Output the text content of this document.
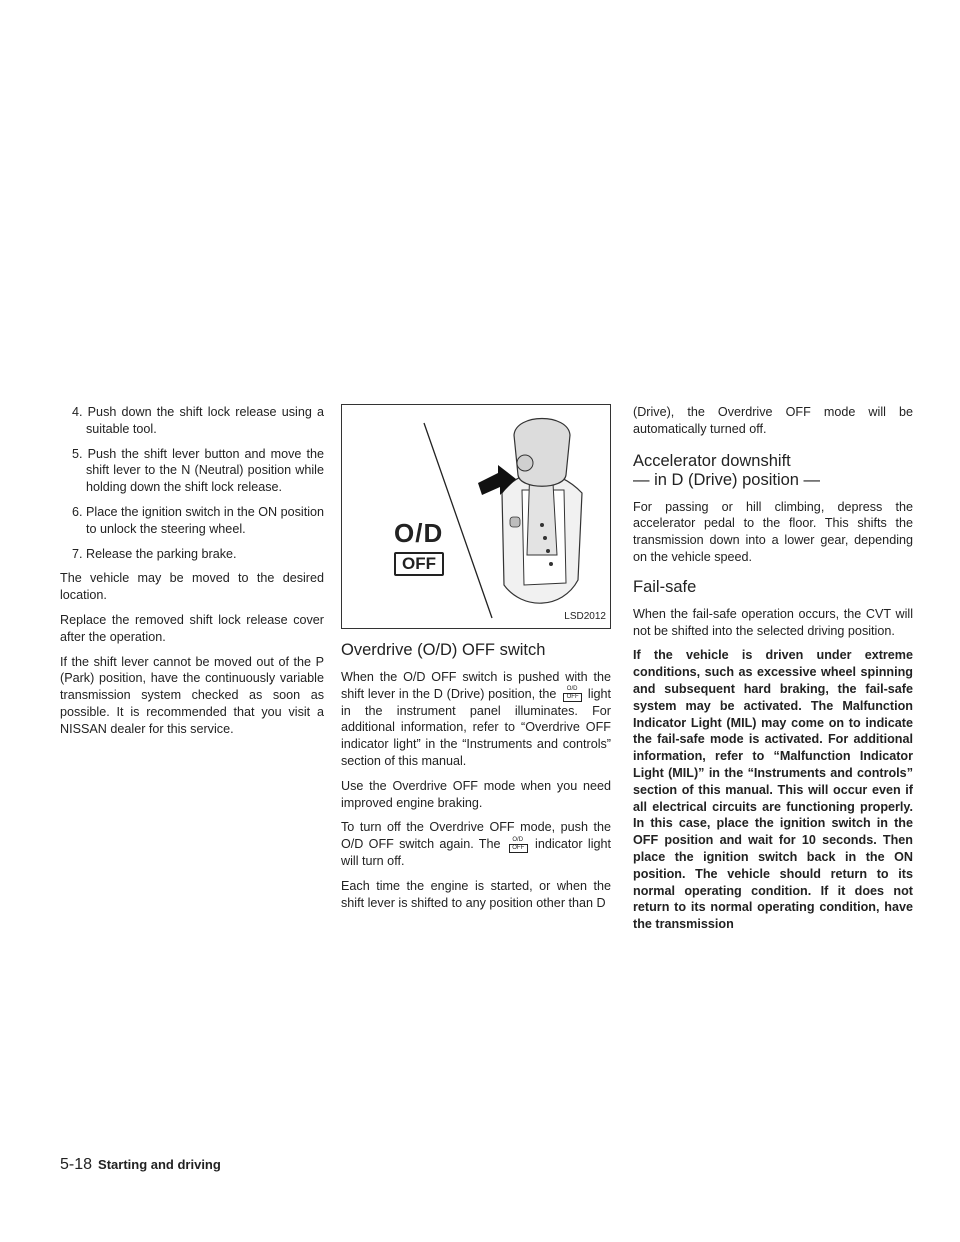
4. Push down the shift lock release using a suitable tool.
5. Push the shift lever button and move the shift lever to the N (Neutral) position while holding down the shift lock release.
6. Place the ignition switch in the ON position to unlock the steering wheel.
7. Release the parking brake.

The vehicle may be moved to the desired location.

Replace the removed shift lock release cover after the operation.

If the shift lever cannot be moved out of the P (Park) position, have the continuously variable transmission system checked as soon as possible. It is recommended that you visit a NISSAN dealer for this service.

O/D
OFF
LSD2012
Overdrive (O/D) OFF switch

When the O/D OFF switch is pushed with the shift lever in the D (Drive) position, the	O/D
OFF light in the instrument panel illuminates. For additional information, refer to “Overdrive OFF indicator light” in the “Instruments and controls” section of this manual.

Use the Overdrive OFF mode when you need improved engine braking.

To turn off the Overdrive OFF mode, push the O/D OFF switch again. The	O/D
OFF indicator light will turn off.

Each time the engine is started, or when the shift lever is shifted to any position other than D

(Drive), the Overdrive OFF mode will be automatically turned off.

Accelerator downshift
— in D (Drive) position —

For passing or hill climbing, depress the accelerator pedal to the floor. This shifts the transmission down into a lower gear, depending on the vehicle speed.

Fail-safe

When the fail-safe operation occurs, the CVT will not be shifted into the selected driving position.

If the vehicle is driven under extreme conditions, such as excessive wheel spinning and subsequent hard braking, the fail-safe system may be activated. The Malfunction Indicator Light (MIL) may come on to indicate the fail-safe mode is activated. For additional information, refer to “Malfunction Indicator Light (MIL)” in the “Instruments and controls” section of this manual. This will occur even if all electrical circuits are functioning properly. In this case, place the ignition switch in the OFF position and wait for 10 seconds. Then place the ignition switch back in the ON position. The vehicle should return to its normal operating condition. If it does not return to its normal operating condition, have the transmission

5-18 Starting and driving
